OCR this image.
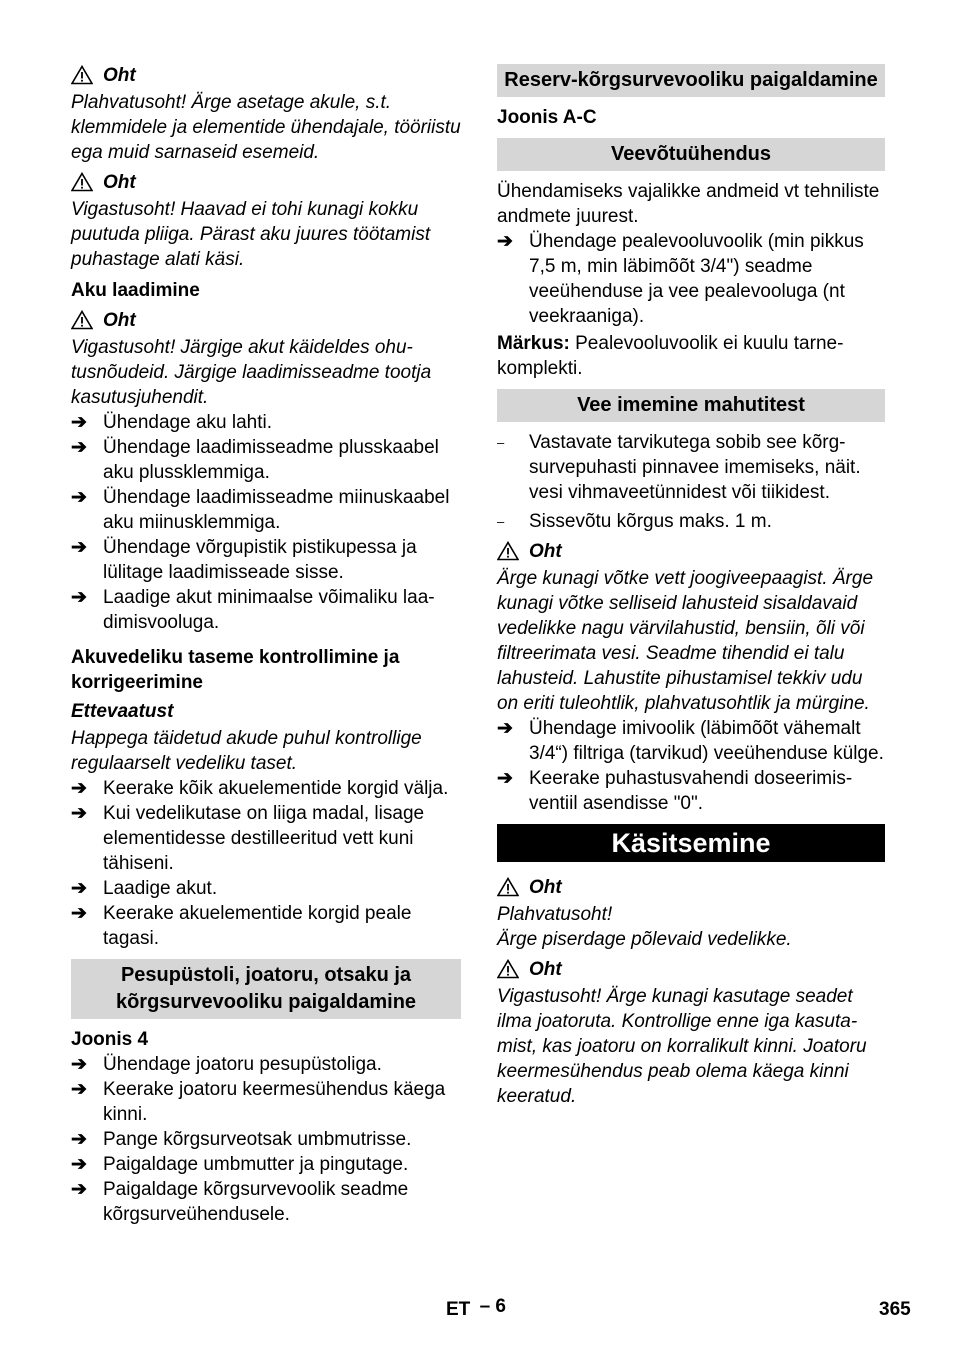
Oht
Plahvatusoht! Ärge asetage akule, s.t. klemmidele ja elementide ühendajale, tööriistu ega muid sarnaseid esemeid.
Oht
Vigastusoht! Haavad ei tohi kunagi kokku puutuda pliiga. Pärast aku juures töötamist puhastage alati käsi.
Aku laadimine
Oht
Vigastusoht! Järgige akut käideldes ohutusnõudeid. Järgige laadimisseadme tootja kasutusjuhendit.
➔ Ühendage aku lahti.
➔ Ühendage laadimisseadme plusskaabel aku plussklemmiga.
➔ Ühendage laadimisseadme miinuskaabel aku miinusklemmiga.
➔ Ühendage võrgupistik pistikupessa ja lülitage laadimisseade sisse.
➔ Laadige akut minimaalse võimaliku laadimisvooluga.
Akuvedeliku taseme kontrollimine ja korrigeerimine
Ettevaatust
Happega täidetud akude puhul kontrollige regulaarselt vedeliku taset.
➔ Keerake kõik akuelementide korgid välja.
➔ Kui vedelikutase on liiga madal, lisage elementidesse destilleeritud vett kuni tähiseni.
➔ Laadige akut.
➔ Keerake akuelementide korgid peale tagasi.
Pesupüstoli, joatoru, otsaku ja kõrgsurvevooliku paigaldamine
Joonis 4
➔ Ühendage joatoru pesupüstoliga.
➔ Keerake joatoru keermesühendus käega kinni.
➔ Pange kõrgsurveotsak umbmutrisse.
➔ Paigaldage umbmutter ja pingutage.
➔ Paigaldage kõrgsurvevoolik seadme kõrgsurveühendusele.
Reserv-kõrgsurvevooliku paigaldamine
Joonis A-C
Veevõtuühendus
Ühendamiseks vajalikke andmeid vt tehniliste andmete juurest.
➔ Ühendage pealevooluvoolik (min pikkus 7,5 m, min läbimõõt 3/4") seadme veeühenduse ja vee pealevooluga (nt veekraaniga).
Märkus: Pealevooluvoolik ei kuulu tarnekomplekti.
Vee imemine mahutitest
–	Vastavate tarvikutega sobib see kõrgsurvepuhasti pinnavee imemiseks, näit. vesi vihmaveetünnidest või tiikidest.
–	Sissevõtu kõrgus maks. 1 m.
Oht
Ärge kunagi võtke vett joogiveepaagist. Ärge kunagi võtke selliseid lahusteid sisaldavaid vedelikke nagu värvilahustid, bensiin, õli või filtreerimata vesi. Seadme tihendid ei talu lahusteid. Lahustite pihustamisel tekkiv udu on eriti tuleohtlik, plahvatusohtlik ja mürgine.
➔ Ühendage imivoolik (läbimõõt vähemalt 3/4“) filtriga (tarvikud) veeühenduse külge.
➔ Keerake puhastusvahendi doseerimisventiil asendisse "0".
Käsitsemine
Oht
Plahvatusoht!
Ärge piserdage põlevaid vedelikke.
Oht
Vigastusoht! Ärge kunagi kasutage seadet ilma joatoruta. Kontrollige enne iga kasutamist, kas joatoru on korralikult kinni. Joatoru keermesühendus peab olema käega kinni keeratud.
ET – 6	365
